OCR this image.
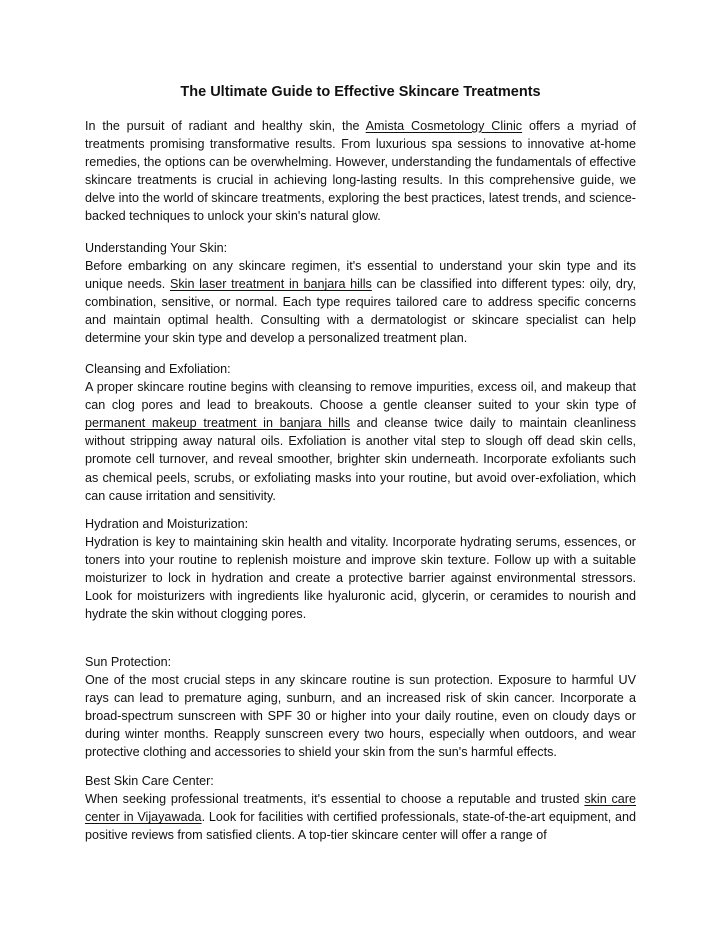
The Ultimate Guide to Effective Skincare Treatments
In the pursuit of radiant and healthy skin, the Amista Cosmetology Clinic offers a myriad of treatments promising transformative results. From luxurious spa sessions to innovative at-home remedies, the options can be overwhelming. However, understanding the fundamentals of effective skincare treatments is crucial in achieving long-lasting results. In this comprehensive guide, we delve into the world of skincare treatments, exploring the best practices, latest trends, and science-backed techniques to unlock your skin's natural glow.
Understanding Your Skin:
Before embarking on any skincare regimen, it's essential to understand your skin type and its unique needs. Skin laser treatment in banjara hills can be classified into different types: oily, dry, combination, sensitive, or normal. Each type requires tailored care to address specific concerns and maintain optimal health. Consulting with a dermatologist or skincare specialist can help determine your skin type and develop a personalized treatment plan.
Cleansing and Exfoliation:
A proper skincare routine begins with cleansing to remove impurities, excess oil, and makeup that can clog pores and lead to breakouts. Choose a gentle cleanser suited to your skin type of permanent makeup treatment in banjara hills and cleanse twice daily to maintain cleanliness without stripping away natural oils. Exfoliation is another vital step to slough off dead skin cells, promote cell turnover, and reveal smoother, brighter skin underneath. Incorporate exfoliants such as chemical peels, scrubs, or exfoliating masks into your routine, but avoid over-exfoliation, which can cause irritation and sensitivity.
Hydration and Moisturization:
Hydration is key to maintaining skin health and vitality. Incorporate hydrating serums, essences, or toners into your routine to replenish moisture and improve skin texture. Follow up with a suitable moisturizer to lock in hydration and create a protective barrier against environmental stressors. Look for moisturizers with ingredients like hyaluronic acid, glycerin, or ceramides to nourish and hydrate the skin without clogging pores.
Sun Protection:
One of the most crucial steps in any skincare routine is sun protection. Exposure to harmful UV rays can lead to premature aging, sunburn, and an increased risk of skin cancer. Incorporate a broad-spectrum sunscreen with SPF 30 or higher into your daily routine, even on cloudy days or during winter months. Reapply sunscreen every two hours, especially when outdoors, and wear protective clothing and accessories to shield your skin from the sun's harmful effects.
Best Skin Care Center:
When seeking professional treatments, it's essential to choose a reputable and trusted skin care center in Vijayawada. Look for facilities with certified professionals, state-of-the-art equipment, and positive reviews from satisfied clients. A top-tier skincare center will offer a range of
